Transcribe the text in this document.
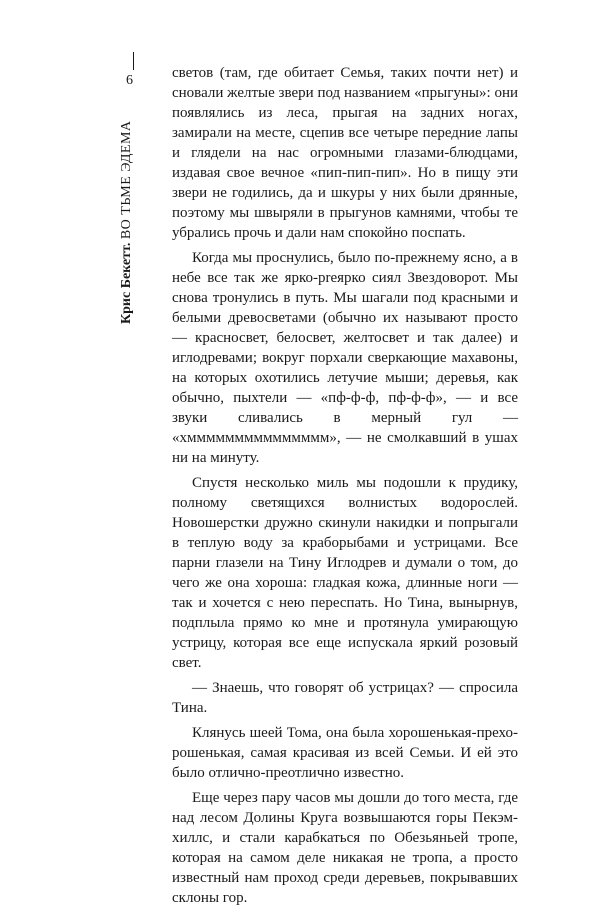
6
Крис Бекетт. ВО ТЬМЕ ЭДЕМА

светов (там, где обитает Семья, таких почти нет) и сновали желтые звери под названием «прыгуны»: они появлялись из леса, прыгая на задних ногах, замирали на месте, сцепив все четыре передние лапы и глядели на нас огромными глазами-блюдцами, издавая свое вечное «пип-пип-пип». Но в пищу эти звери не годились, да и шкуры у них были дрянные, поэтому мы швыряли в прыгунов камнями, чтобы те убрались прочь и дали нам спокойно поспать.

Когда мы проснулись, было по-прежнему ясно, а в небе все так же ярко-preярко сиял Звездоворот. Мы снова тронулись в путь. Мы шагали под красными и белыми древосветами (обычно их называют просто — красносвет, белосвет, желтосвет и так далее) и иглодревами; вокруг порхали сверкающие махавоны, на которых охотились летучие мыши; деревья, как обычно, пыхтели — «пф-ф-ф, пф-ф-ф», — и все звуки сливались в мерный гул — «хммммммммммммммм», — не смолкавший в ушах ни на минуту.

Спустя несколько миль мы подошли к прудику, полному светящихся волнистых водорослей. Новошерстки дружно скинули накидки и попрыгали в теплую воду за краборыбами и устрицами. Все парни глазели на Тину Иглодрев и думали о том, до чего же она хороша: гладкая кожа, длинные ноги — так и хочется с нею переспать. Но Тина, вынырнув, подплыла прямо ко мне и протянула умирающую устрицу, которая все еще испускала яркий розовый свет.

— Знаешь, что говорят об устрицах? — спросила Тина.

Клянусь шеей Тома, она была хорошенькая-прехорошенькая, самая красивая из всей Семьи. И ей это было отлично-преотлично известно.

Еще через пару часов мы дошли до того места, где над лесом Долины Круга возвышаются горы Пекэмхиллс, и стали карабкаться по Обезьяньей тропе, которая на самом деле никакая не тропа, а просто известный нам проход среди деревьев, покрывавших склоны гор.
